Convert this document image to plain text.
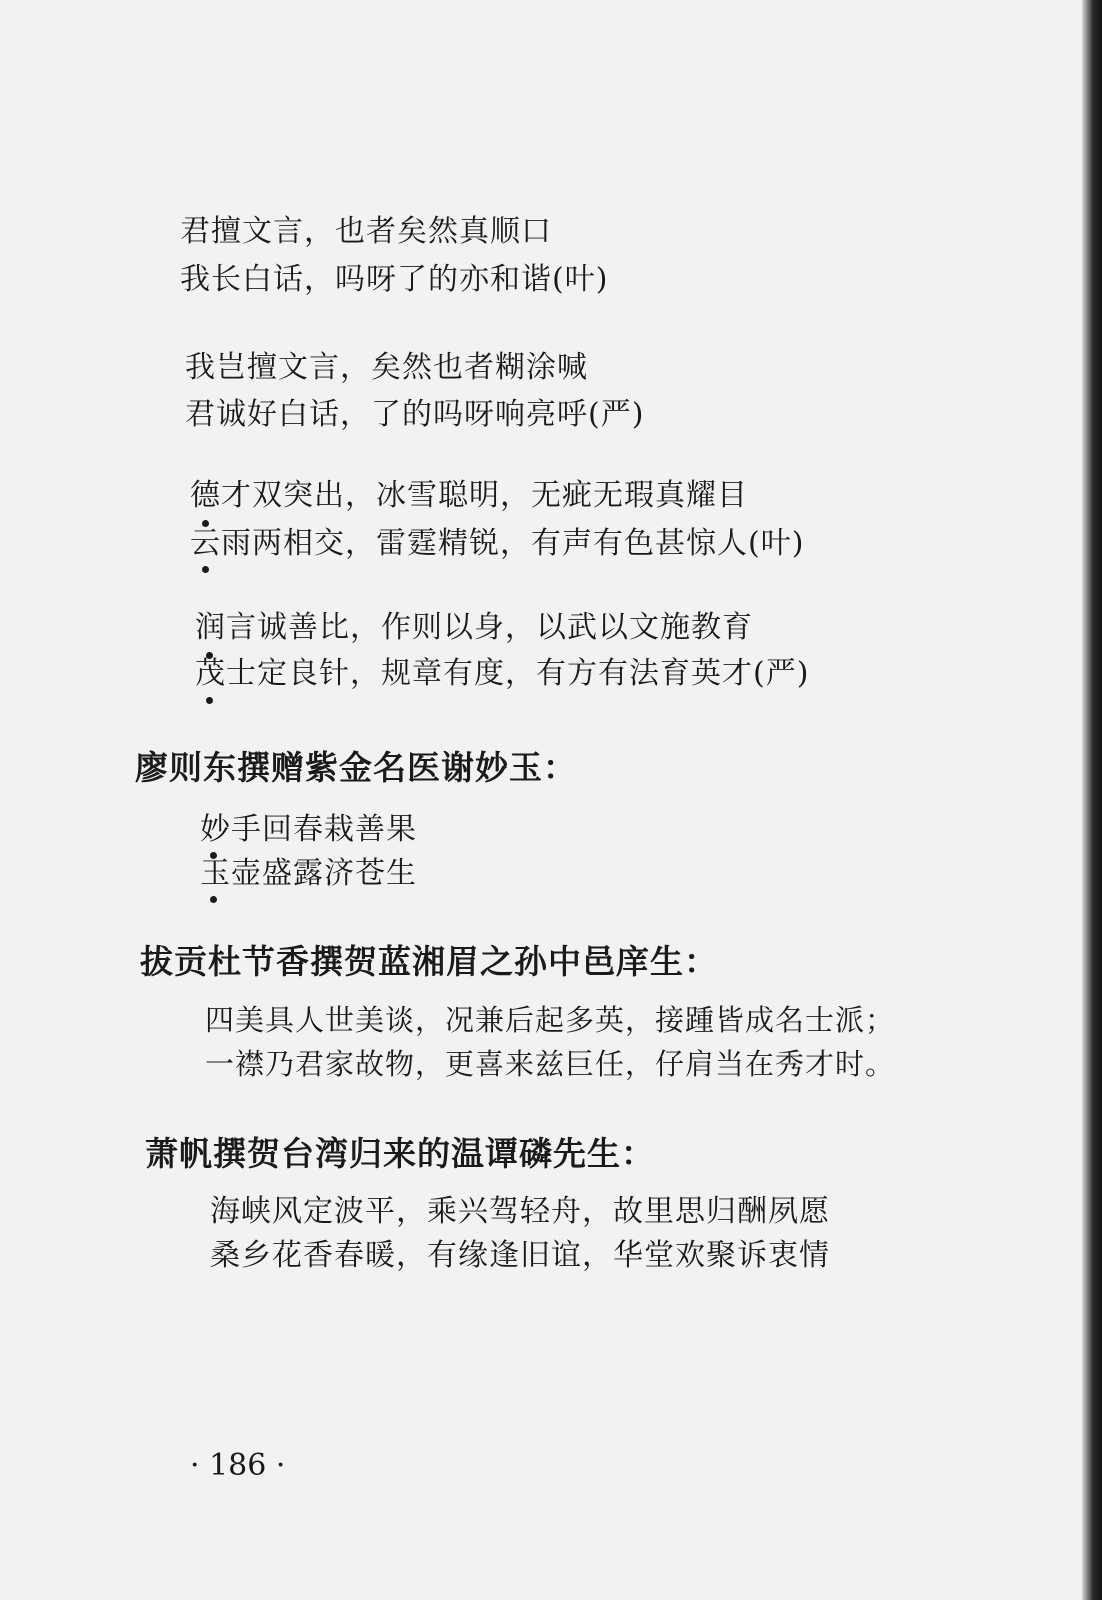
君擅文言，也者矣然真顺口
我长白话，吗呀了的亦和谐(叶)
我岂擅文言，矣然也者糊涂喊
君诚好白话，了的吗呀响亮呼(严)
德才双突出，冰雪聪明，无疵无瑕真耀目
云雨两相交，雷霆精锐，有声有色甚惊人(叶)
润言诚善比，作则以身，以武以文施教育
茂士定良针，规章有度，有方有法育英才(严)
廖则东撰赠紫金名医谢妙玉：
妙手回春栽善果
玉壶盛露济苍生
拔贡杜节香撰贺蓝湘眉之孙中邑庠生：
四美具人世美谈，况兼后起多英，接踵皆成名士派；
一襟乃君家故物，更喜来兹巨任，仔肩当在秀才时。
萧帆撰贺台湾归来的温谭磷先生：
海峡风定波平，乘兴驾轻舟，故里思归酬夙愿
桑乡花香春暖，有缘逢旧谊，华堂欢聚诉衷情
· 186 ·
